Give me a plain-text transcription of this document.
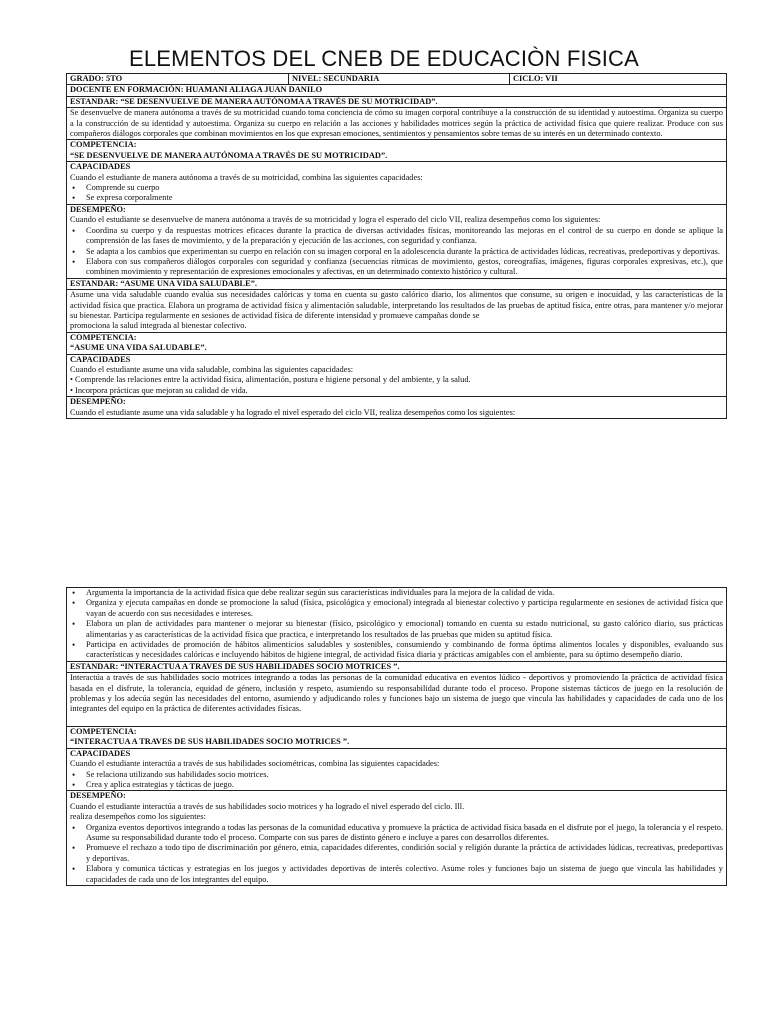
ELEMENTOS DEL CNEB DE EDUCACIÒN FISICA
GRADO: 5TO	NIVEL: SECUNDARIA	CICLO: VII
DOCENTE EN FORMACIÓN: HUAMANI ALIAGA JUAN DANILO
ESTANDAR: “SE DESENVUELVE DE MANERA AUTÓNOMA A TRAVÉS DE SU MOTRICIDAD”.
Se desenvuelve de manera autónoma a través de su motricidad cuando toma conciencia de cómo su imagen corporal contribuye a la construcción de su identidad y autoestima. Organiza su cuerpo a la construcción de su identidad y autoestima. Organiza su cuerpo en relación a las acciones y habilidades motrices según la práctica de actividad física que quiere realizar. Produce con sus compañeros diálogos corporales que combinan movimientos en los que expresan emociones, sentimientos y pensamientos sobre temas de su interés en un determinado contexto.

COMPETENCIA:
“SE DESENVUELVE DE MANERA AUTÓNOMA A TRAVÉS DE SU MOTRICIDAD”.

CAPACIDADES
Cuando el estudiante de manera autónoma a través de su motricidad, combina las siguientes capacidades:
• Comprende su cuerpo
• Se expresa corporalmente

DESEMPEÑO:
Cuando el estudiante se desenvuelve de manera autónoma a través de su motricidad y logra el esperado del ciclo VII, realiza desempeños como los siguientes:
• Coordina su cuerpo y da respuestas motrices eficaces durante la practica de diversas actividades físicas, monitoreando las mejoras en el control de su cuerpo en donde se aplique la comprensión de las fases de movimiento, y de la preparación y ejecución de las acciones, con seguridad y confianza.
• Se adapta a los cambios que experimentan su cuerpo en relación con su imagen corporal en la adolescencia durante la práctica de actividades lúdicas, recreativas, predeportivas y deportivas.
• Elabora con sus compañeros diálogos corporales con seguridad y confianza (secuencias rítmicas de movimiento, gestos, coreografías, imágenes, figuras corporales expresivas, etc.), que combinen movimiento y representación de expresiones emocionales y afectivas, en un determinado contexto histórico y cultural.

ESTANDAR: “ASUME UNA VIDA SALUDABLE”.

Asume una vida saludable cuando evalúa sus necesidades calóricas y toma en cuenta su gasto calórico diario, los alimentos que consume, su origen e inocuidad, y las características de la actividad física que practica. Elabora un programa de actividad física y alimentación saludable, interpretando los resultados de las pruebas de aptitud física, entre otras, para mantener y/o mejorar su bienestar. Participa regularmente en sesiones de actividad física de diferente intensidad y promueve campañas donde se
promociona la salud integrada al bienestar colectivo.

COMPETENCIA:
“ASUME UNA VIDA SALUDABLE”.

CAPACIDADES
Cuando el estudiante asume una vida saludable, combina las siguientes capacidades:
• Comprende las relaciones entre la actividad física, alimentación, postura e higiene personal y del ambiente, y la salud.
• Incorpora prácticas que mejoran su calidad de vida.

DESEMPEÑO:
Cuando el estudiante asume una vida saludable y ha logrado el nivel esperado del ciclo VII, realiza desempeños como los siguientes:
• Argumenta la importancia de la actividad física que debe realizar según sus características individuales para la mejora de la calidad de vida.
• Organiza y ejecuta campañas en donde se promocione la salud (física, psicológica y emocional) integrada al bienestar colectivo y participa regularmente en sesiones de actividad física que vayan de acuerdo con sus necesidades e intereses.
• Elabora un plan de actividades para mantener o mejorar su bienestar (físico, psicológico y emocional) tomando en cuenta su estado nutricional, su gasto calórico diario, sus prácticas alimentarias y as características de la actividad física que practica, e interpretando los resultados de las pruebas que miden su aptitud física.
• Participa en actividades de promoción de hábitos alimenticios saludables y sostenibles, consumiendo y combinando de forma óptima alimentos locales y disponibles, evaluando sus características y necesidades calóricas e incluyendo hábitos de higiene integral, de actividad física diaria y prácticas amigables con el ambiente, para su óptimo desempeño diario.

ESTANDAR: “INTERACTUA A TRAVES DE SUS HABILIDADES SOCIO MOTRICES ”.
Interactúa a través de sus habilidades socio motrices integrando a todas las personas de la comunidad educativa en eventos lúdico - deportivos y promoviendo la práctica de actividad física basada en el disfrute, la tolerancia, equidad de género, inclusión y respeto, asumiendo su responsabilidad durante todo el proceso. Propone sistemas tácticos de juego en la resolución de problemas y los adecúa según las necesidades del entorno, asumiendo y adjudicando roles y funciones bajo un sistema de juego que vincula las habilidades y capacidades de cada uno de los integrantes del equipo en la práctica de diferentes actividades físicas.

COMPETENCIA:
“INTERACTUA A TRAVES DE SUS HABILIDADES SOCIO MOTRICES ”.

CAPACIDADES
Cuando el estudiante interactúa a través de sus habilidades sociométricas, combina las siguientes capacidades:
• Se relaciona utilizando sus habilidades socio motrices.
• Crea y aplica estrategias y tácticas de juego.

DESEMPEÑO:
Cuando el estudiante interactúa a través de sus habilidades socio motrices y ha logrado el nivel esperado del ciclo. Ill.
realiza desempeños como los siguientes:
• Organiza eventos deportivos integrando a todas las personas de la comunidad educativa y promueve la práctica de actividad física basada en el disfrute por el juego, la tolerancia y el respeto. Asume su responsabilidad durante todo el proceso. Comparte con sus pares de distinto género e incluye a pares con desarrollos diferentes.
• Promueve el rechazo a todo tipo de discriminación por género, etnia, capacidades diferentes, condición social y religión durante la práctica de actividades lúdicas, recreativas, predeportivas y deportivas.
• Elabora y comunica tácticas y estrategias en los juegos y actividades deportivas de interés colectivo. Asume roles y funciones bajo un sistema de juego que vincula las habilidades y capacidades de cada uno de los integrantes del equipo.
